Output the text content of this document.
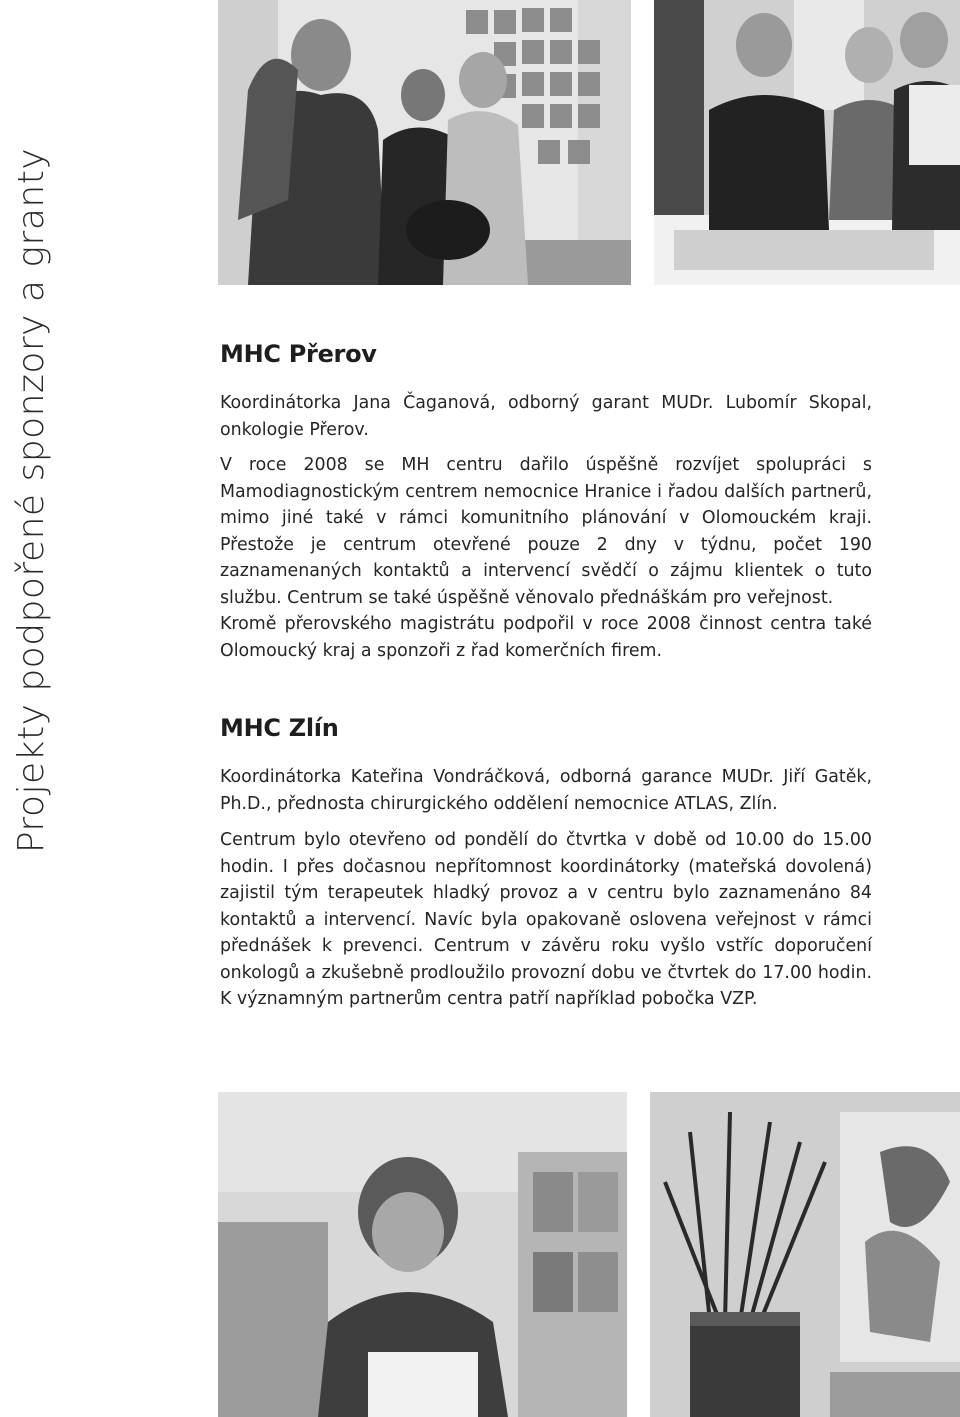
Projekty podpořené sponzory a granty	MHC Přerov

Koordinátorka Jana Čaganová, odborný garant MUDr. Lubomír Skopal, onkologie Přerov.

V roce 2008 se MH centru dařilo úspěšně rozvíjet spolupráci s Mamodiagnostickým centrem nemocnice Hranice i řadou dalších partnerů, mimo jiné také v rámci komunitního plánování v Olomouckém kraji. Přestože je centrum otevřené pouze 2 dny v týdnu, počet 190 zaznamenaných kontaktů a intervencí svědčí o zájmu klientek o tuto službu. Centrum se také úspěšně věnovalo přednáškám pro veřejnost.

Kromě přerovského magistrátu podpořil v roce 2008 činnost centra také Olomoucký kraj a sponzoři z řad komerčních firem.

MHC Zlín

Koordinátorka Kateřina Vondráčková, odborná garance MUDr. Jiří Gatěk, Ph.D., přednosta chirurgického oddělení nemocnice ATLAS, Zlín.

Centrum bylo otevřeno od pondělí do čtvrtka v době od 10.00 do 15.00 hodin. I přes dočasnou nepřítomnost koordinátorky (mateřská dovolená) zajistil tým terapeutek hladký provoz a v centru bylo zaznamenáno 84 kontaktů a intervencí. Navíc byla opakovaně oslovena veřejnost v rámci přednášek k prevenci. Centrum v závěru roku vyšlo vstříc doporučení onkologů a zkušebně prodloužilo provozní dobu ve čtvrtek do 17.00 hodin. K významným partnerům centra patří například pobočka VZP.
